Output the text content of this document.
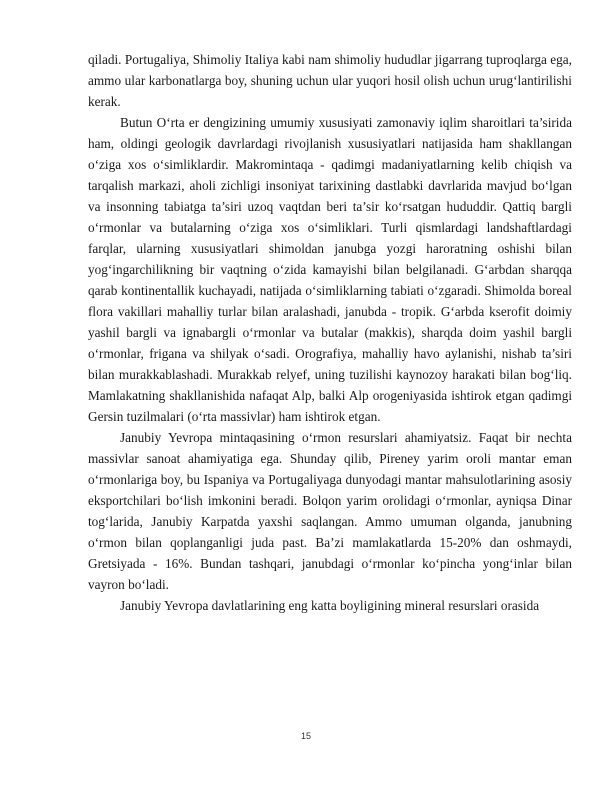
qiladi. Portugaliya, Shimoliy Italiya kabi nam shimoliy hududlar jigarrang tuproqlarga ega, ammo ular karbonatlarga boy, shuning uchun ular yuqori hosil olish uchun urug‘lantirilishi kerak.

Butun O‘rta er dengizining umumiy xususiyati zamonaviy iqlim sharoitlari ta’sirida ham, oldingi geologik davrlardagi rivojlanish xususiyatlari natijasida ham shakllangan o‘ziga xos o‘simliklardir. Makromintaqa - qadimgi madaniyatlarning kelib chiqish va tarqalish markazi, aholi zichligi insoniyat tarixining dastlabki davrlarida mavjud bo‘lgan va insonning tabiatga ta’siri uzoq vaqtdan beri ta’sir ko‘rsatgan hududdir. Qattiq bargli o‘rmonlar va butalarning o‘ziga xos o‘simliklari. Turli qismlardagi landshaftlardagi farqlar, ularning xususiyatlari shimoldan janubga yozgi haroratning oshishi bilan yog‘ingarchilikning bir vaqtning o‘zida kamayishi bilan belgilanadi. G‘arbdan sharqqa qarab kontinentallik kuchayadi, natijada o‘simliklarning tabiati o‘zgaradi. Shimolda boreal flora vakillari mahalliy turlar bilan aralashadi, janubda - tropik. G‘arbda kserofit doimiy yashil bargli va ignabargli o‘rmonlar va butalar (makkis), sharqda doim yashil bargli o‘rmonlar, frigana va shilyak o‘sadi. Orografiya, mahalliy havo aylanishi, nishab ta’siri bilan murakkablashadi. Murakkab relyef, uning tuzilishi kaynozoy harakati bilan bog‘liq. Mamlakatning shakllanishida nafaqat Alp, balki Alp orogeniyasida ishtirok etgan qadimgi Gersin tuzilmalari (o‘rta massivlar) ham ishtirok etgan.

Janubiy Yevropa mintaqasining o‘rmon resurslari ahamiyatsiz. Faqat bir nechta massivlar sanoat ahamiyatiga ega. Shunday qilib, Pireney yarim oroli mantar eman o‘rmonlariga boy, bu Ispaniya va Portugaliyaga dunyodagi mantar mahsulotlarining asosiy eksportchilari bo‘lish imkonini beradi. Bolqon yarim orolidagi o‘rmonlar, ayniqsa Dinar tog‘larida, Janubiy Karpatda yaxshi saqlangan. Ammo umuman olganda, janubning o‘rmon bilan qoplanganligi juda past. Ba’zi mamlakatlarda 15-20% dan oshmaydi, Gretsiyada - 16%. Bundan tashqari, janubdagi o‘rmonlar ko‘pincha yong‘inlar bilan vayron bo‘ladi.

Janubiy Yevropa davlatlarining eng katta boyligining mineral resurslari orasida

15
